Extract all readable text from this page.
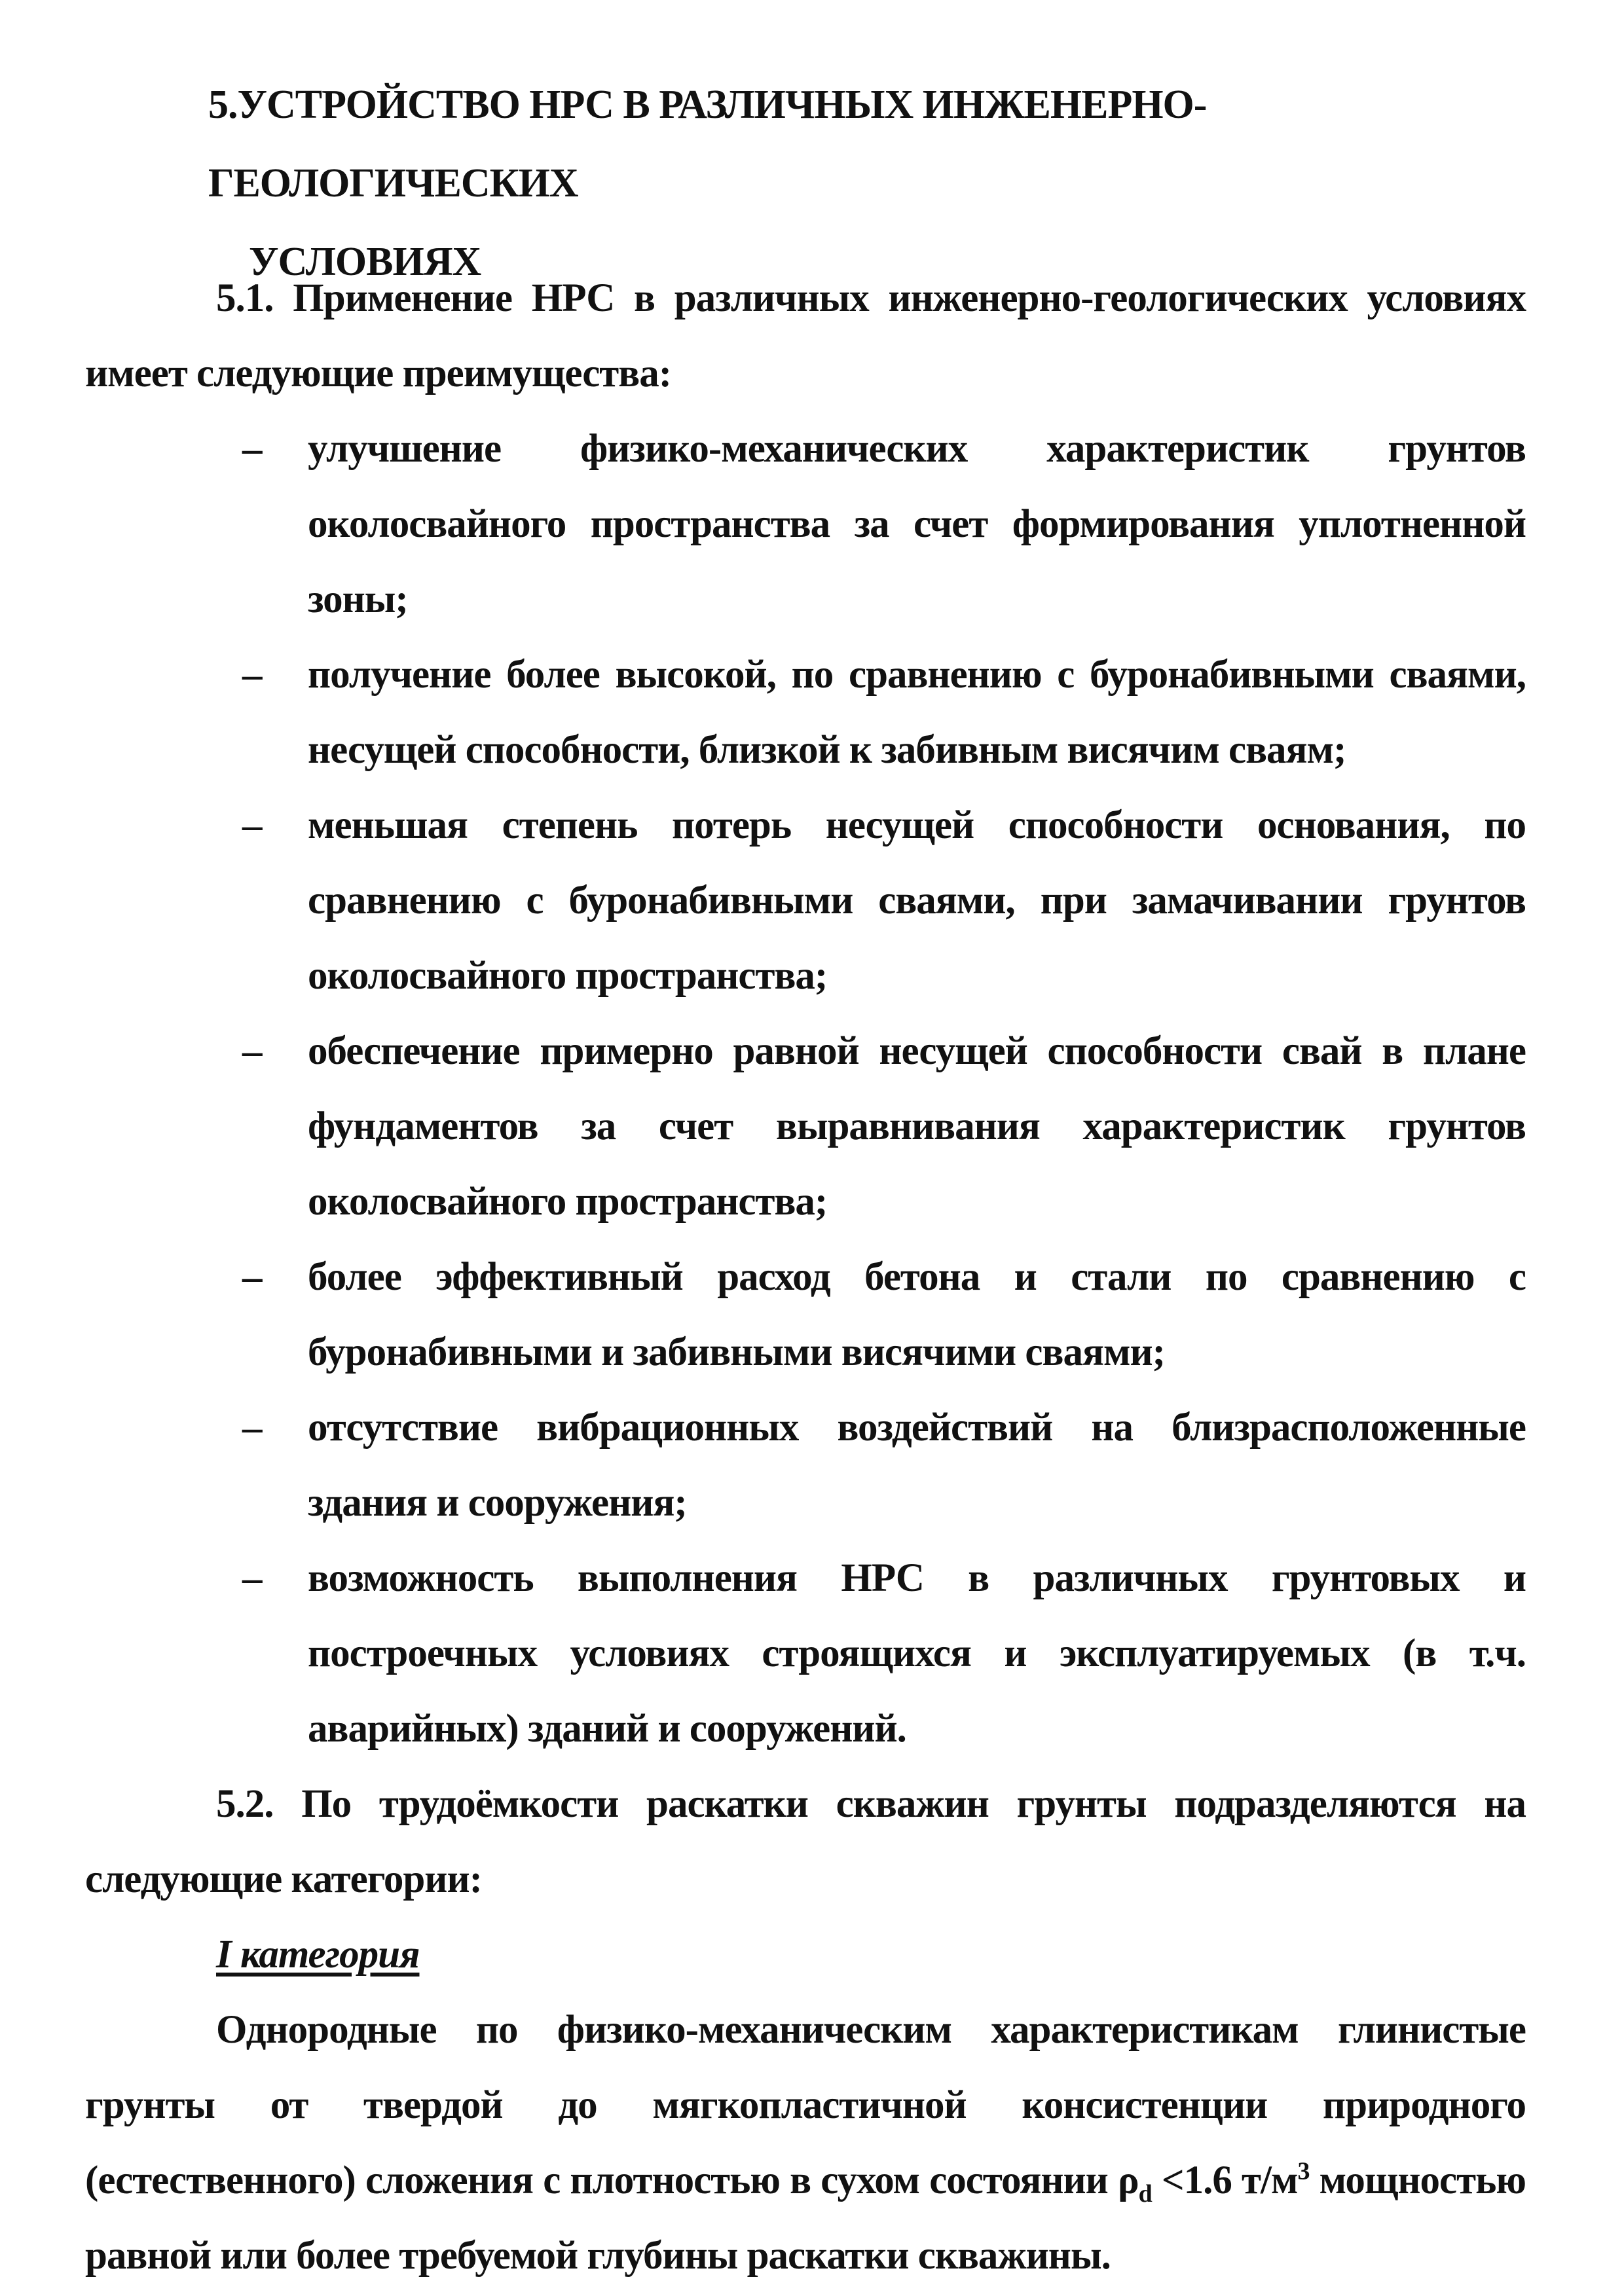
5.УСТРОЙСТВО НРС В РАЗЛИЧНЫХ ИНЖЕНЕРНО-ГЕОЛОГИЧЕСКИХ
УСЛОВИЯХ

5.1. Применение НРС в различных инженерно-геологических условиях имеет следующие преимущества:

– улучшение физико-механических характеристик грунтов околосвайного пространства за счет формирования уплотненной зоны;
– получение более высокой, по сравнению с буронабивными сваями, несущей способности, близкой к забивным висячим сваям;
– меньшая степень потерь несущей способности основания, по сравнению с буронабивными сваями, при замачивании грунтов околосвайного пространства;
– обеспечение примерно равной несущей способности свай в плане фундаментов за счет выравнивания характеристик грунтов околосвайного пространства;
– более эффективный расход бетона и стали по сравнению с буронабивными и забивными висячими сваями;
– отсутствие вибрационных воздействий на близрасположенные здания и сооружения;
– возможность выполнения НРС в различных грунтовых и построечных условиях строящихся и эксплуатируемых (в т.ч. аварийных) зданий и сооружений.

5.2. По трудоёмкости раскатки скважин грунты подразделяются на следующие категории:

I категория

Однородные по физико-механическим характеристикам глинистые грунты от твердой до мягкопластичной консистенции природного (естественного) сложения с плотностью в сухом состоянии $\rho_d <1.6$ $т/м^3$ мощностью равной или более требуемой глубины раскатки скважины.
